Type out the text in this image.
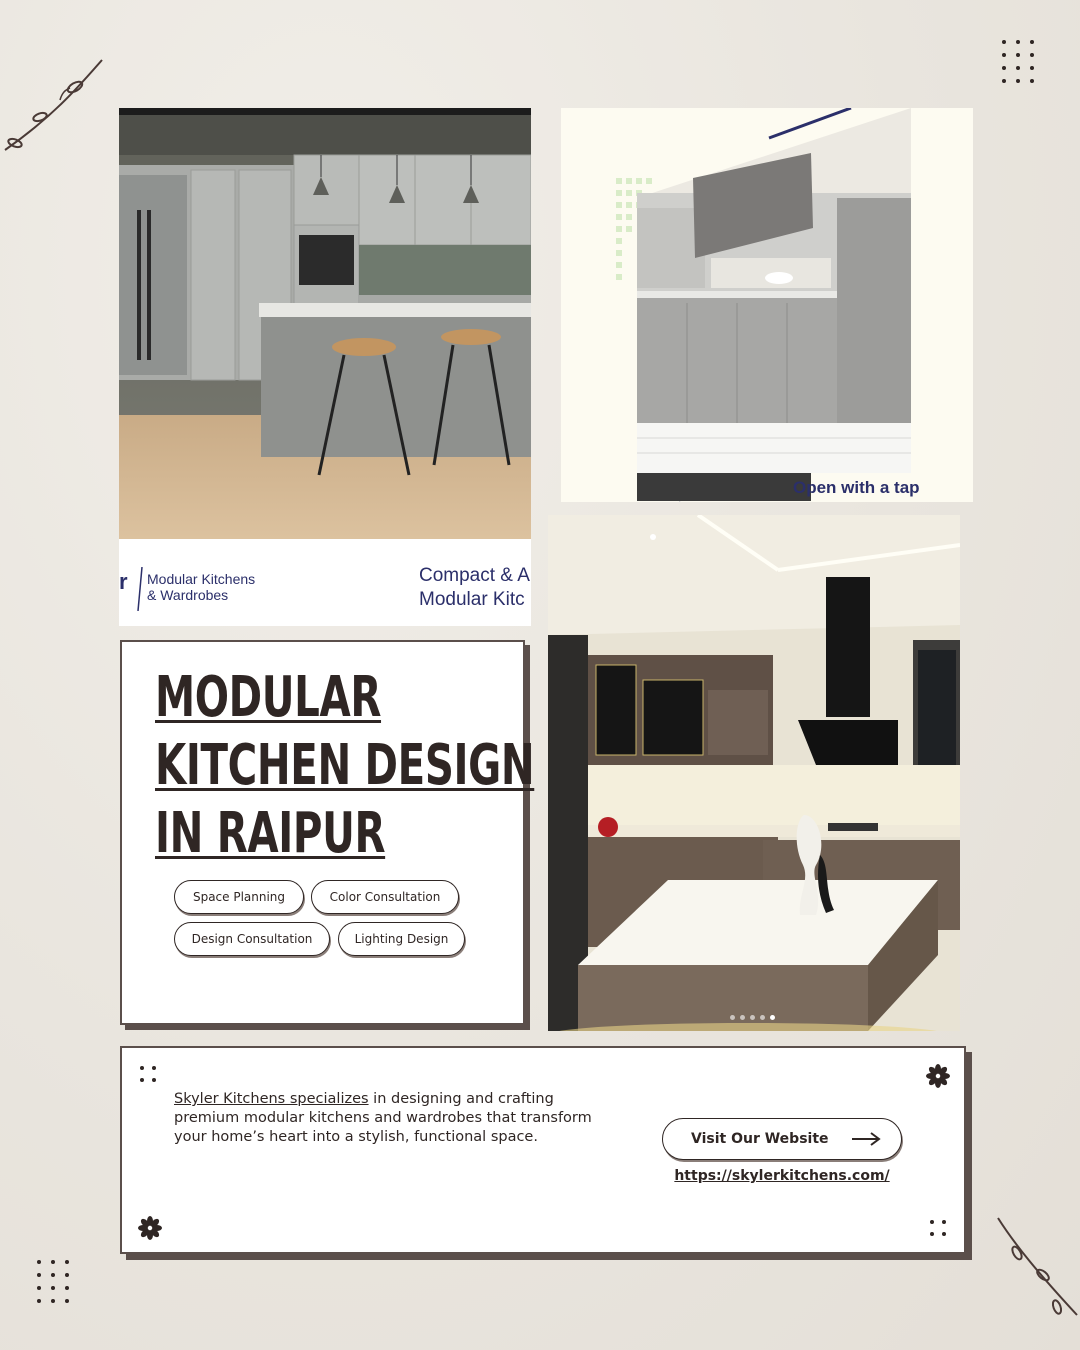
r Modular Kitchens
& Wardrobes
Compact & A
Modular Kitc
Open with a tap
MODULAR
KITCHEN DESIGN
IN RAIPUR
Space Planning	Color Consultation
Design Consultation	Lighting Design

Skyler Kitchens specializes in designing and crafting premium modular kitchens and wardrobes that transform your home’s heart into a stylish, functional space.	Visit Our Website
https://skylerkitchens.com/
